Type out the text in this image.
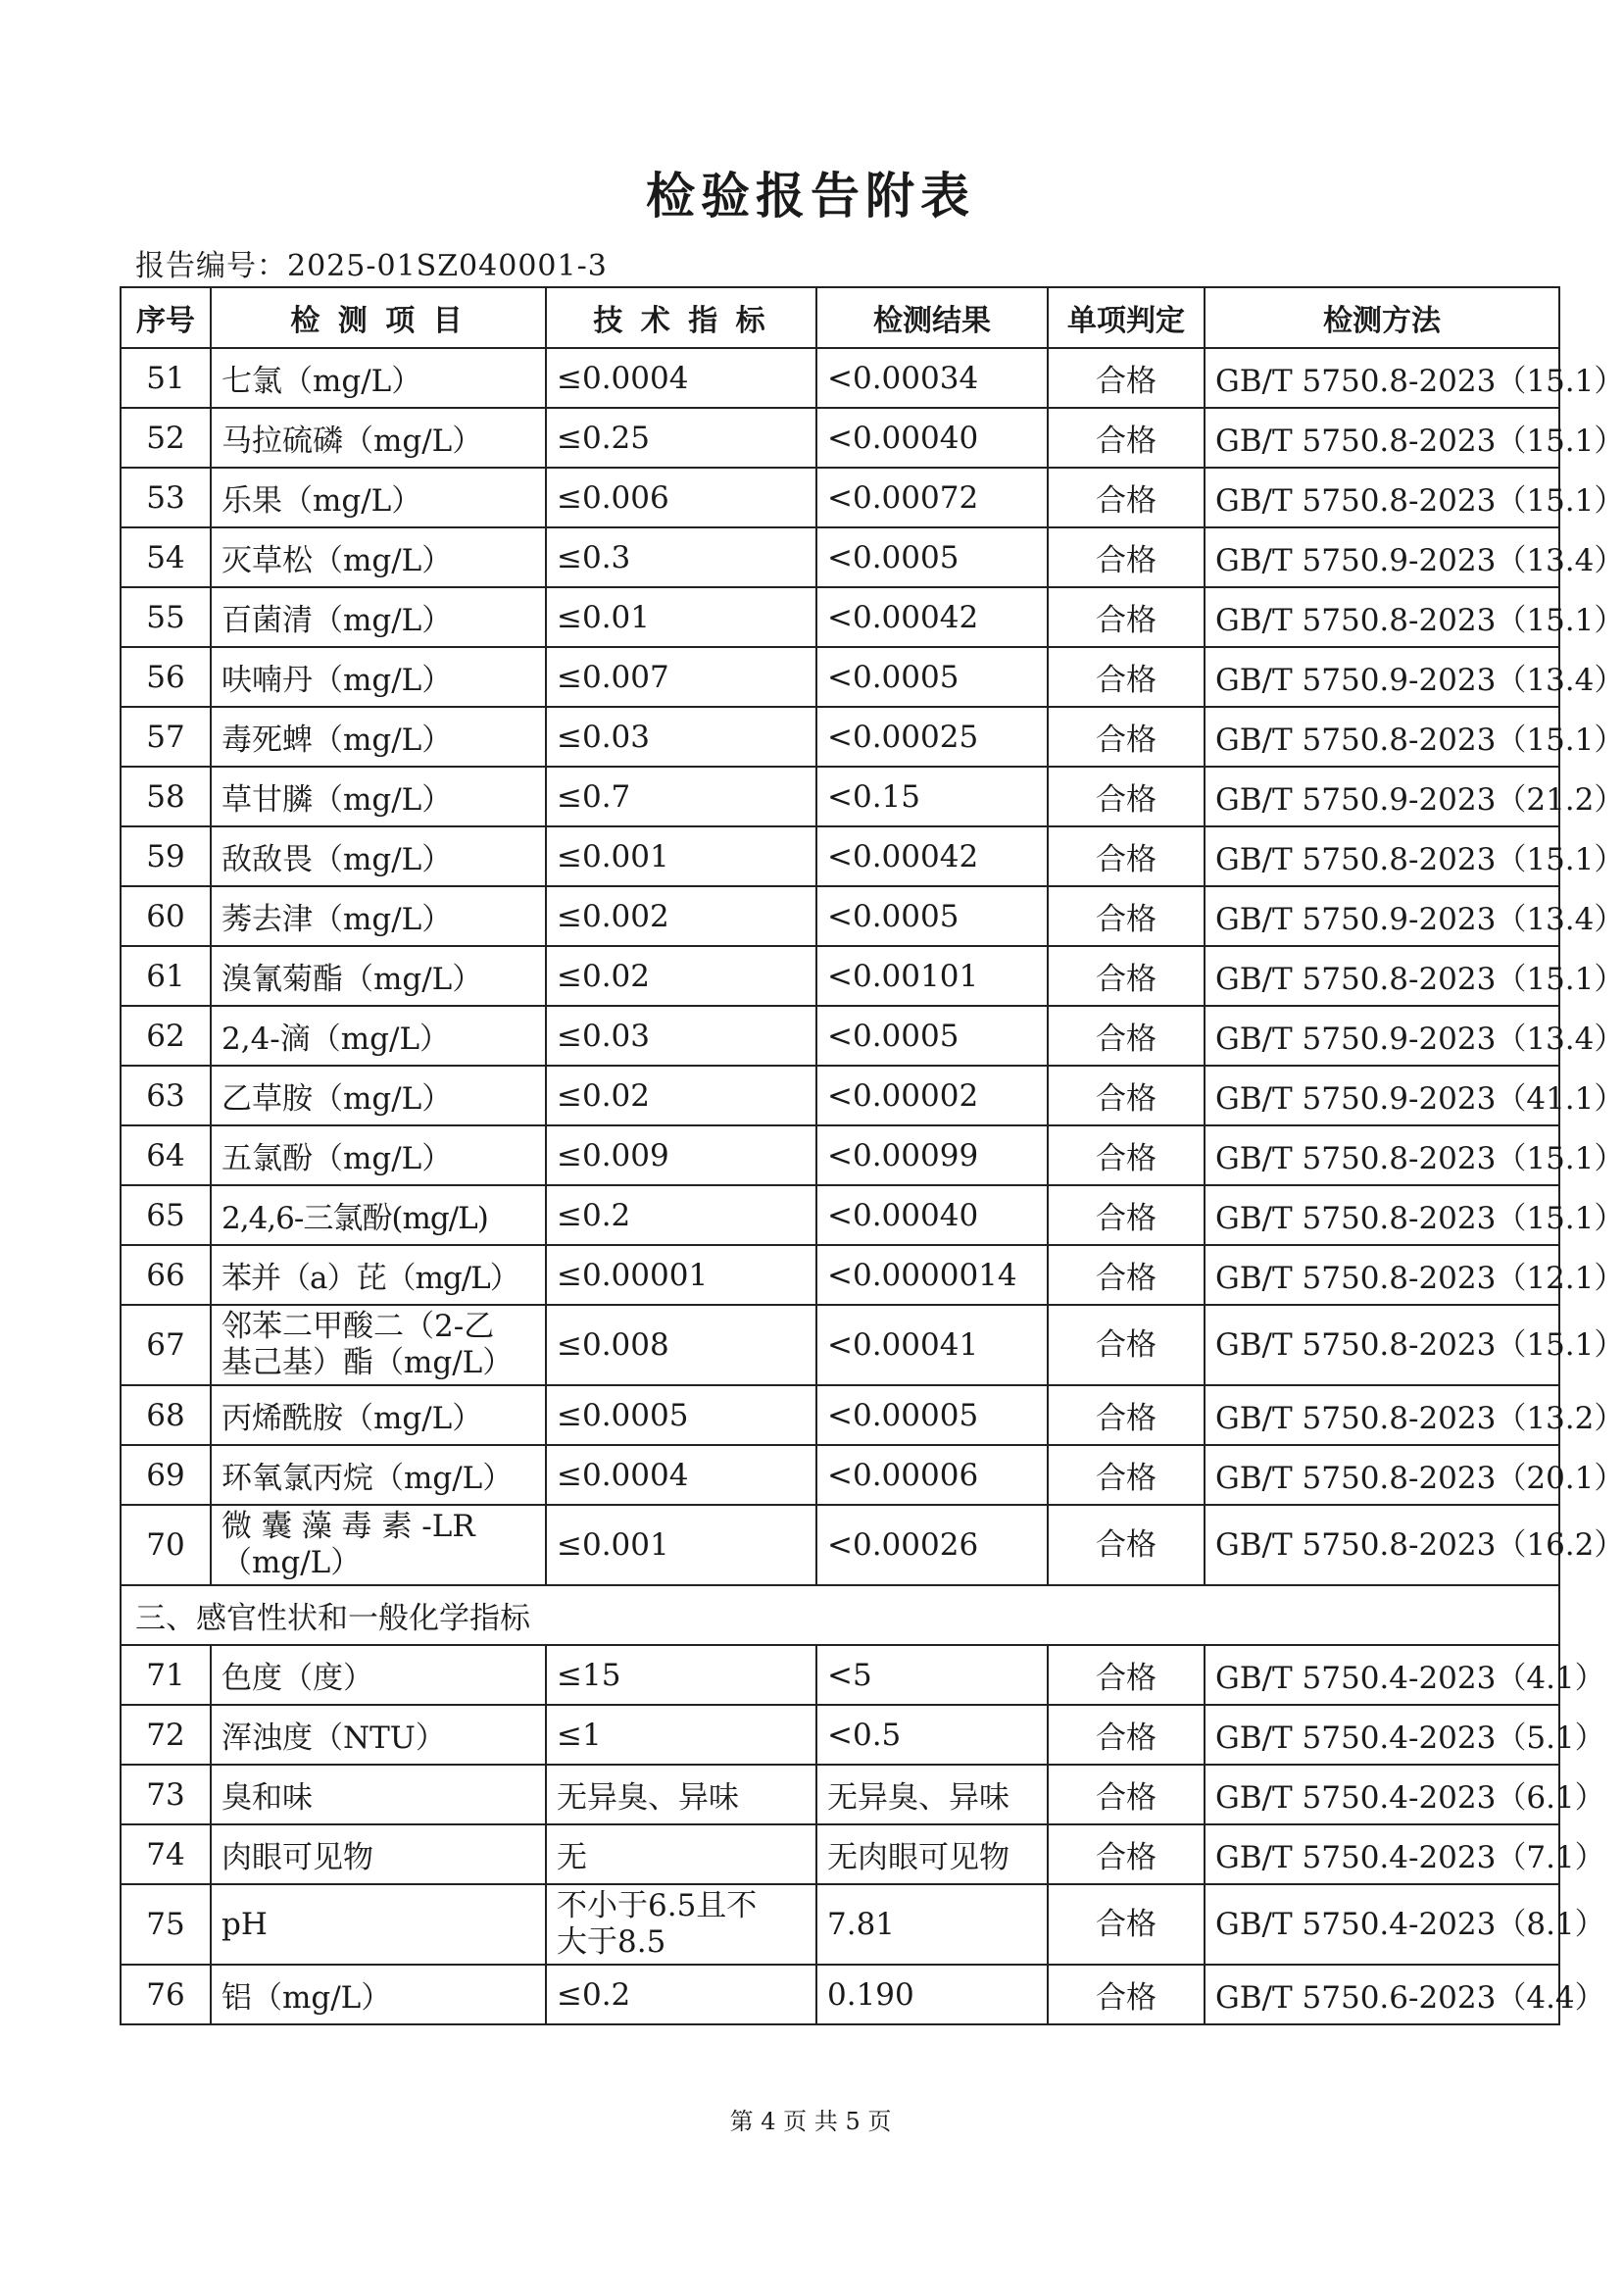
检验报告附表
报告编号：2025-01SZ040001-3
序号	检 测 项 目	技 术 指 标	检测结果	单项判定	检测方法
51	七氯（mg/L）	≤0.0004	<0.00034	合格	GB/T 5750.8-2023（15.1）
52	马拉硫磷（mg/L）	≤0.25	<0.00040	合格	GB/T 5750.8-2023（15.1）
53	乐果（mg/L）	≤0.006	<0.00072	合格	GB/T 5750.8-2023（15.1）
54	灭草松（mg/L）	≤0.3	<0.0005	合格	GB/T 5750.9-2023（13.4）
55	百菌清（mg/L）	≤0.01	<0.00042	合格	GB/T 5750.8-2023（15.1）
56	呋喃丹（mg/L）	≤0.007	<0.0005	合格	GB/T 5750.9-2023（13.4）
57	毒死蜱（mg/L）	≤0.03	<0.00025	合格	GB/T 5750.8-2023（15.1）
58	草甘膦（mg/L）	≤0.7	<0.15	合格	GB/T 5750.9-2023（21.2）
59	敌敌畏（mg/L）	≤0.001	<0.00042	合格	GB/T 5750.8-2023（15.1）
60	莠去津（mg/L）	≤0.002	<0.0005	合格	GB/T 5750.9-2023（13.4）
61	溴氰菊酯（mg/L）	≤0.02	<0.00101	合格	GB/T 5750.8-2023（15.1）
62	2,4-滴（mg/L）	≤0.03	<0.0005	合格	GB/T 5750.9-2023（13.4）
63	乙草胺（mg/L）	≤0.02	<0.00002	合格	GB/T 5750.9-2023（41.1）
64	五氯酚（mg/L）	≤0.009	<0.00099	合格	GB/T 5750.8-2023（15.1）
65	2,4,6-三氯酚(mg/L)	≤0.2	<0.00040	合格	GB/T 5750.8-2023（15.1）
66	苯并（a）芘（mg/L）	≤0.00001	<0.0000014	合格	GB/T 5750.8-2023（12.1）
67	邻苯二甲酸二（2-乙
基己基）酯（mg/L）	≤0.008	<0.00041	合格	GB/T 5750.8-2023（15.1）
68	丙烯酰胺（mg/L）	≤0.0005	<0.00005	合格	GB/T 5750.8-2023（13.2）
69	环氧氯丙烷（mg/L）	≤0.0004	<0.00006	合格	GB/T 5750.8-2023（20.1）
70	微 囊 藻 毒 素 -LR
（mg/L）	≤0.001	<0.00026	合格	GB/T 5750.8-2023（16.2）
三、感官性状和一般化学指标					
71	色度（度）	≤15	<5	合格	GB/T 5750.4-2023（4.1）
72	浑浊度（NTU）	≤1	<0.5	合格	GB/T 5750.4-2023（5.1）
73	臭和味	无异臭、异味	无异臭、异味	合格	GB/T 5750.4-2023（6.1）
74	肉眼可见物	无	无肉眼可见物	合格	GB/T 5750.4-2023（7.1）
75	pH	不小于6.5且不
大于8.5	7.81	合格	GB/T 5750.4-2023（8.1）
76	铝（mg/L）	≤0.2	0.190	合格	GB/T 5750.6-2023（4.4）
第 4 页 共 5 页
